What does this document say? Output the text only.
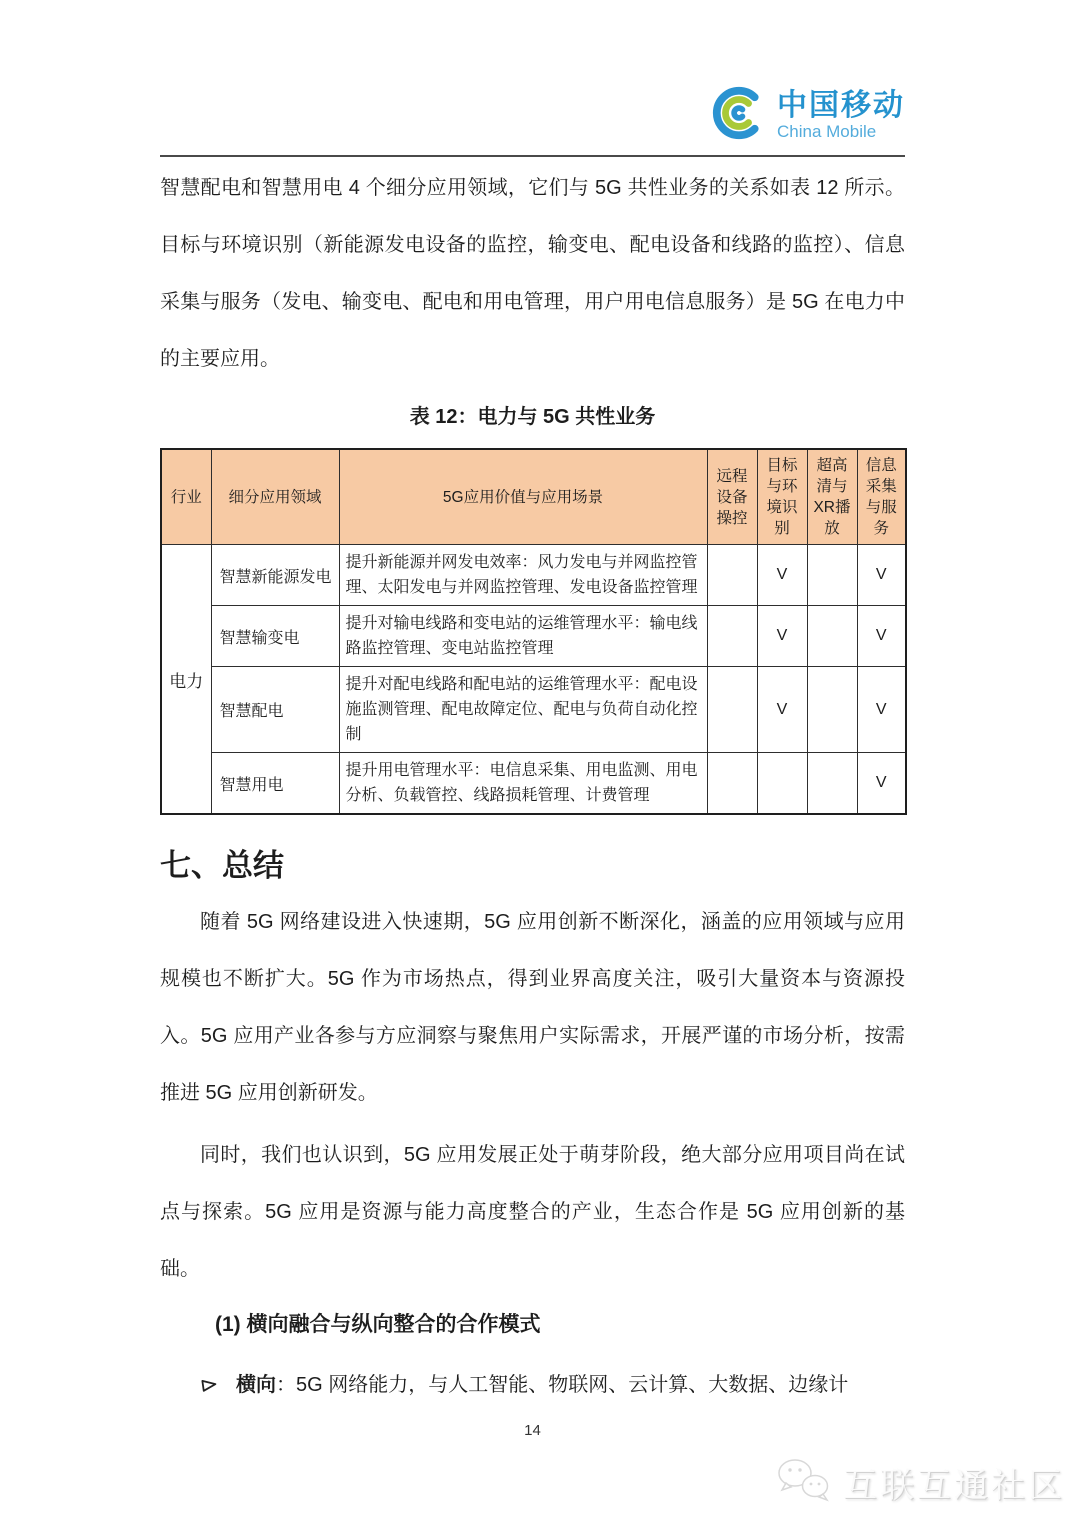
中国移动
China Mobile

智慧配电和智慧用电 4 个细分应用领域，它们与 5G 共性业务的关系如表 12 所示。目标与环境识别（新能源发电设备的监控，输变电、配电设备和线路的监控）、信息采集与服务（发电、输变电、配电和用电管理，用户用电信息服务）是 5G 在电力中的主要应用。

表 12：电力与 5G 共性业务
行业	细分应用领域	5G应用价值与应用场景	远程设备操控	目标与环境识别	超高清与XR播放	信息采集与服务
电力	智慧新能源发电	提升新能源并网发电效率：风力发电与并网监控管理、太阳发电与并网监控管理、发电设备监控管理		V		V
	智慧输变电	提升对输电线路和变电站的运维管理水平：输电线路监控管理、变电站监控管理		V		V
	智慧配电	提升对配电线路和配电站的运维管理水平：配电设施监测管理、配电故障定位、配电与负荷自动化控制		V		V
	智慧用电	提升用电管理水平：电信息采集、用电监测、用电分析、负载管控、线路损耗管理、计费管理				V
七、总结

随着 5G 网络建设进入快速期，5G 应用创新不断深化，涵盖的应用领域与应用规模也不断扩大。5G 作为市场热点，得到业界高度关注，吸引大量资本与资源投入。5G 应用产业各参与方应洞察与聚焦用户实际需求，开展严谨的市场分析，按需推进 5G 应用创新研发。

同时，我们也认识到，5G 应用发展正处于萌芽阶段，绝大部分应用项目尚在试点与探索。5G 应用是资源与能力高度整合的产业，生态合作是 5G 应用创新的基础。

(1) 横向融合与纵向整合的合作模式
横向：5G 网络能力，与人工智能、物联网、云计算、大数据、边缘计
14
互联互通社区
